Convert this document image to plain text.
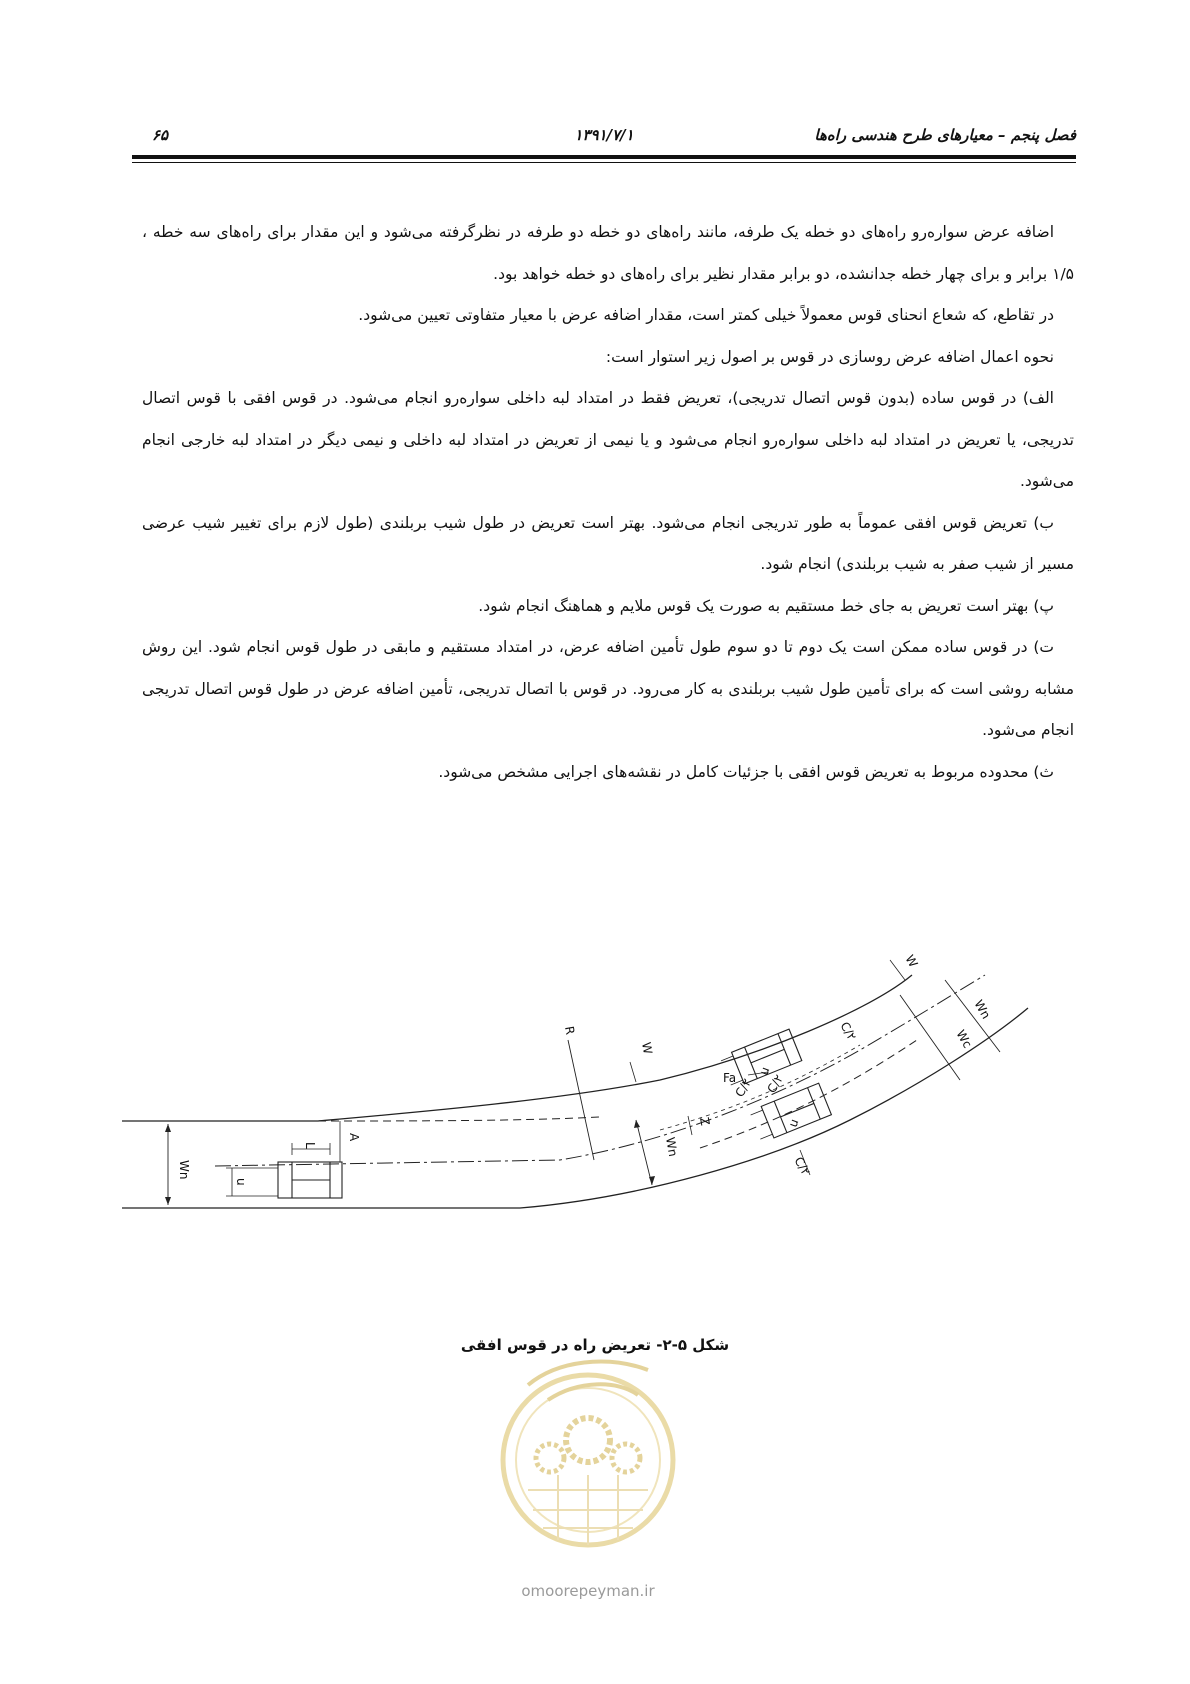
فصل پنجم – معیارهای طرح هندسی راه‌ها
۱۳۹۱/۷/۱
۶۵

اضافه عرض سواره‌رو راه‌های دو خطه یک طرفه، مانند راه‌های دو خطه دو طرفه در نظرگرفته می‌شود و این مقدار برای راه‌های سه خطه ، ۱/۵ برابر و برای چهار خطه جدانشده، دو برابر مقدار نظیر برای راه‌های دو خطه خواهد بود.

در تقاطع، که شعاع انحنای قوس معمولاً خیلی کمتر است، مقدار اضافه عرض با معیار متفاوتی تعیین می‌شود.

نحوه اعمال اضافه عرض روسازی در قوس بر اصول زیر استوار است:

الف) در قوس ساده (بدون قوس اتصال تدریجی)، تعریض فقط در امتداد لبه داخلی سواره‌رو انجام می‌شود. در قوس افقی با قوس اتصال تدریجی، یا تعریض در امتداد لبه داخلی سواره‌رو انجام می‌شود و یا نیمی از تعریض در امتداد لبه داخلی و نیمی دیگر در امتداد لبه خارجی انجام می‌شود.

ب) تعریض قوس افقی عموماً به طور تدریجی انجام می‌شود. بهتر است تعریض در طول شیب بربلندی (طول لازم برای تغییر شیب عرضی مسیر از شیب صفر به شیب بربلندی) انجام شود.

پ) بهتر است تعریض به جای خط مستقیم به صورت یک قوس ملایم و هماهنگ انجام شود.

ت) در قوس ساده ممکن است یک دوم تا دو سوم طول تأمین اضافه عرض، در امتداد مستقیم و مابقی در طول قوس انجام شود. این روش مشابه روشی است که برای تأمین طول شیب بربلندی به کار می‌رود. در قوس با اتصال تدریجی، تأمین اضافه عرض در طول قوس اتصال تدریجی انجام می‌شود.

ث) محدوده مربوط به تعریض قوس افقی با جزئیات کامل در نقشه‌های اجرایی مشخص می‌شود.

W
Wn
Wc
C/۲
R
W
Fa u
C/۲ C/۲
Z	u
Wn
A
L
Wn
u
C/۲
شکل ۵-۲- تعریض راه در قوس افقی
omoorepeyman.ir
